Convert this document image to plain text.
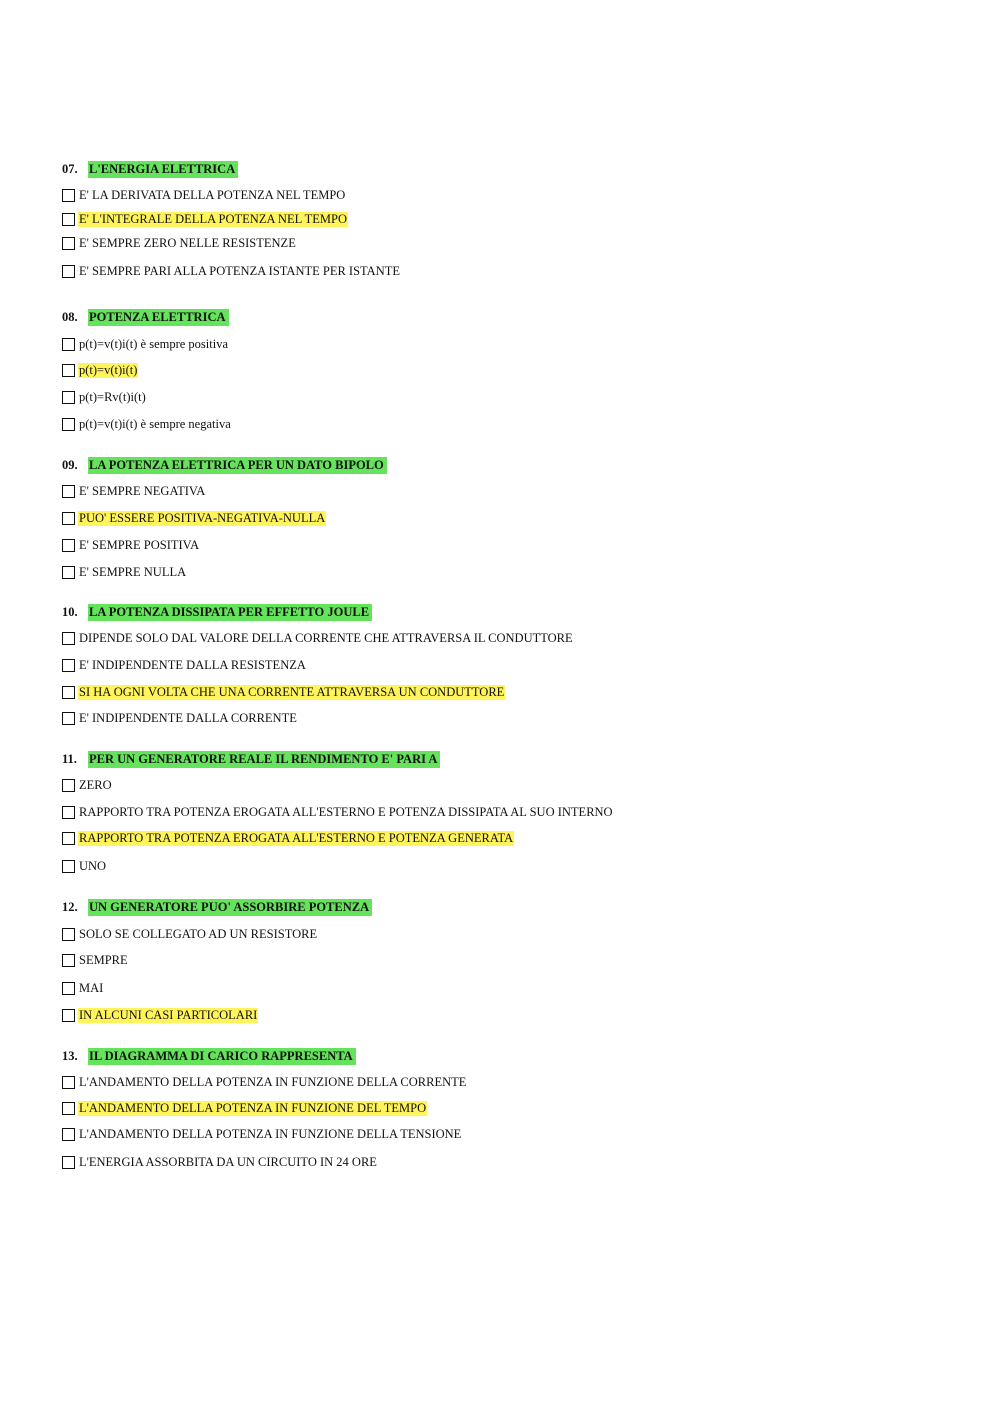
07. L'ENERGIA ELETTRICA
E' LA DERIVATA DELLA POTENZA NEL TEMPO
E' L'INTEGRALE DELLA POTENZA NEL TEMPO
E' SEMPRE ZERO NELLE RESISTENZE
E' SEMPRE PARI ALLA POTENZA ISTANTE PER ISTANTE
08. POTENZA ELETTRICA
p(t)=v(t)i(t) è sempre positiva
p(t)=v(t)i(t)
p(t)=Rv(t)i(t)
p(t)=v(t)i(t) è sempre negativa
09. LA POTENZA ELETTRICA PER UN DATO BIPOLO
E' SEMPRE NEGATIVA
PUO' ESSERE POSITIVA-NEGATIVA-NULLA
E' SEMPRE POSITIVA
E' SEMPRE NULLA
10. LA POTENZA DISSIPATA PER EFFETTO JOULE
DIPENDE SOLO DAL VALORE DELLA CORRENTE CHE ATTRAVERSA IL CONDUTTORE
E' INDIPENDENTE DALLA RESISTENZA
SI HA OGNI VOLTA CHE UNA CORRENTE ATTRAVERSA UN CONDUTTORE
E' INDIPENDENTE DALLA CORRENTE
11. PER UN GENERATORE REALE IL RENDIMENTO E' PARI A
ZERO
RAPPORTO TRA POTENZA EROGATA ALL'ESTERNO E POTENZA DISSIPATA AL SUO INTERNO
RAPPORTO TRA POTENZA EROGATA ALL'ESTERNO E POTENZA GENERATA
UNO
12. UN GENERATORE PUO' ASSORBIRE POTENZA
SOLO SE COLLEGATO AD UN RESISTORE
SEMPRE
MAI
IN ALCUNI CASI PARTICOLARI
13. IL DIAGRAMMA DI CARICO RAPPRESENTA
L'ANDAMENTO DELLA POTENZA IN FUNZIONE DELLA CORRENTE
L'ANDAMENTO DELLA POTENZA IN FUNZIONE DEL TEMPO
L'ANDAMENTO DELLA POTENZA IN FUNZIONE DELLA TENSIONE
L'ENERGIA ASSORBITA DA UN CIRCUITO IN 24 ORE
